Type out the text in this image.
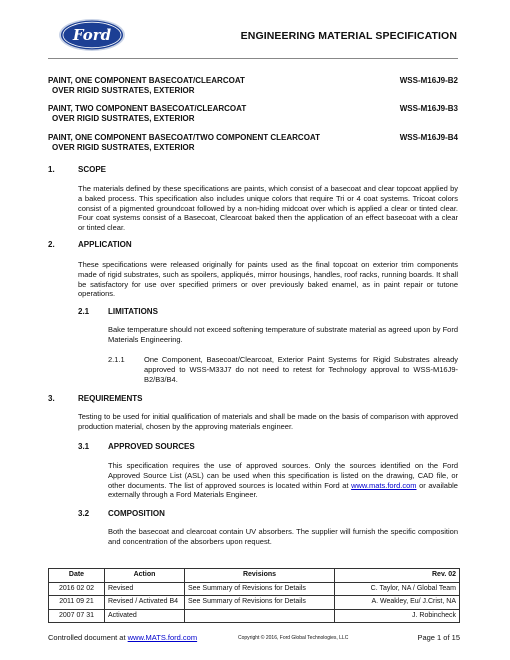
Ford	ENGINEERING MATERIAL SPECIFICATION
PAINT, ONE COMPONENT BASECOAT/CLEARCOAT
OVER RIGID SUSTRATES, EXTERIOR
WSS-M16J9-B2
PAINT, TWO COMPONENT BASECOAT/CLEARCOAT
OVER RIGID SUSTRATES, EXTERIOR
WSS-M16J9-B3
PAINT, ONE COMPONENT BASECOAT/TWO COMPONENT CLEARCOAT
OVER RIGID SUSTRATES, EXTERIOR
WSS-M16J9-B4
1.	SCOPE
The materials defined by these specifications are paints, which consist of a basecoat and clear topcoat applied by a baked process. This specification also includes unique colors that require Tri or 4 coat systems. Tricoat colors consist of a pigmented groundcoat followed by a non-hiding midcoat over which is applied a clear or tinted clear. Four coat systems consist of a Basecoat, Clearcoat baked then the application of an effect basecoat with a clear or tinted clear.
2.	APPLICATION
These specifications were released originally for paints used as the final topcoat on exterior trim components made of rigid substrates, such as spoilers, appliqués, mirror housings, handles, roof racks, running boards. It shall be satisfactory for use over specified primers or over previously baked enamel, as in paint repair or tutone operations.
2.1 LIMITATIONS
Bake temperature should not exceed softening temperature of substrate material as agreed upon by Ford Materials Engineering.
2.1.1	One Component, Basecoat/Clearcoat, Exterior Paint Systems for Rigid Substrates already approved to WSS-M33J7 do not need to retest for Technology approval to WSS-M16J9-B2/B3/B4.
3.	REQUIREMENTS
Testing to be used for initial qualification of materials and shall be made on the basis of comparison with approved production material, chosen by the approving materials engineer.
3.1 APPROVED SOURCES
This specification requires the use of approved sources. Only the sources identified on the Ford Approved Source List (ASL) can be used when this specification is listed on the drawing, CAD file, or other documents. The list of approved sources is located within Ford at www.mats.ford.com or available externally through a Ford Materials Engineer.
3.2 COMPOSITION
Both the basecoat and clearcoat contain UV absorbers. The supplier will furnish the specific composition and concentration of the absorbers upon request.
Date	Action	Revisions	Rev. 02
2016 02 02	Revised	See Summary of Revisions for Details	C. Taylor, NA / Global Team
2011 09 21	Revised / Activated B4	See Summary of Revisions for Details	A. Weakley, Eu/ J.Crist, NA
2007 07 31	Activated		J. Robincheck
Controlled document at www.MATS.ford.com	Copyright © 2016, Ford Global Technologies, LLC	Page 1 of 15
